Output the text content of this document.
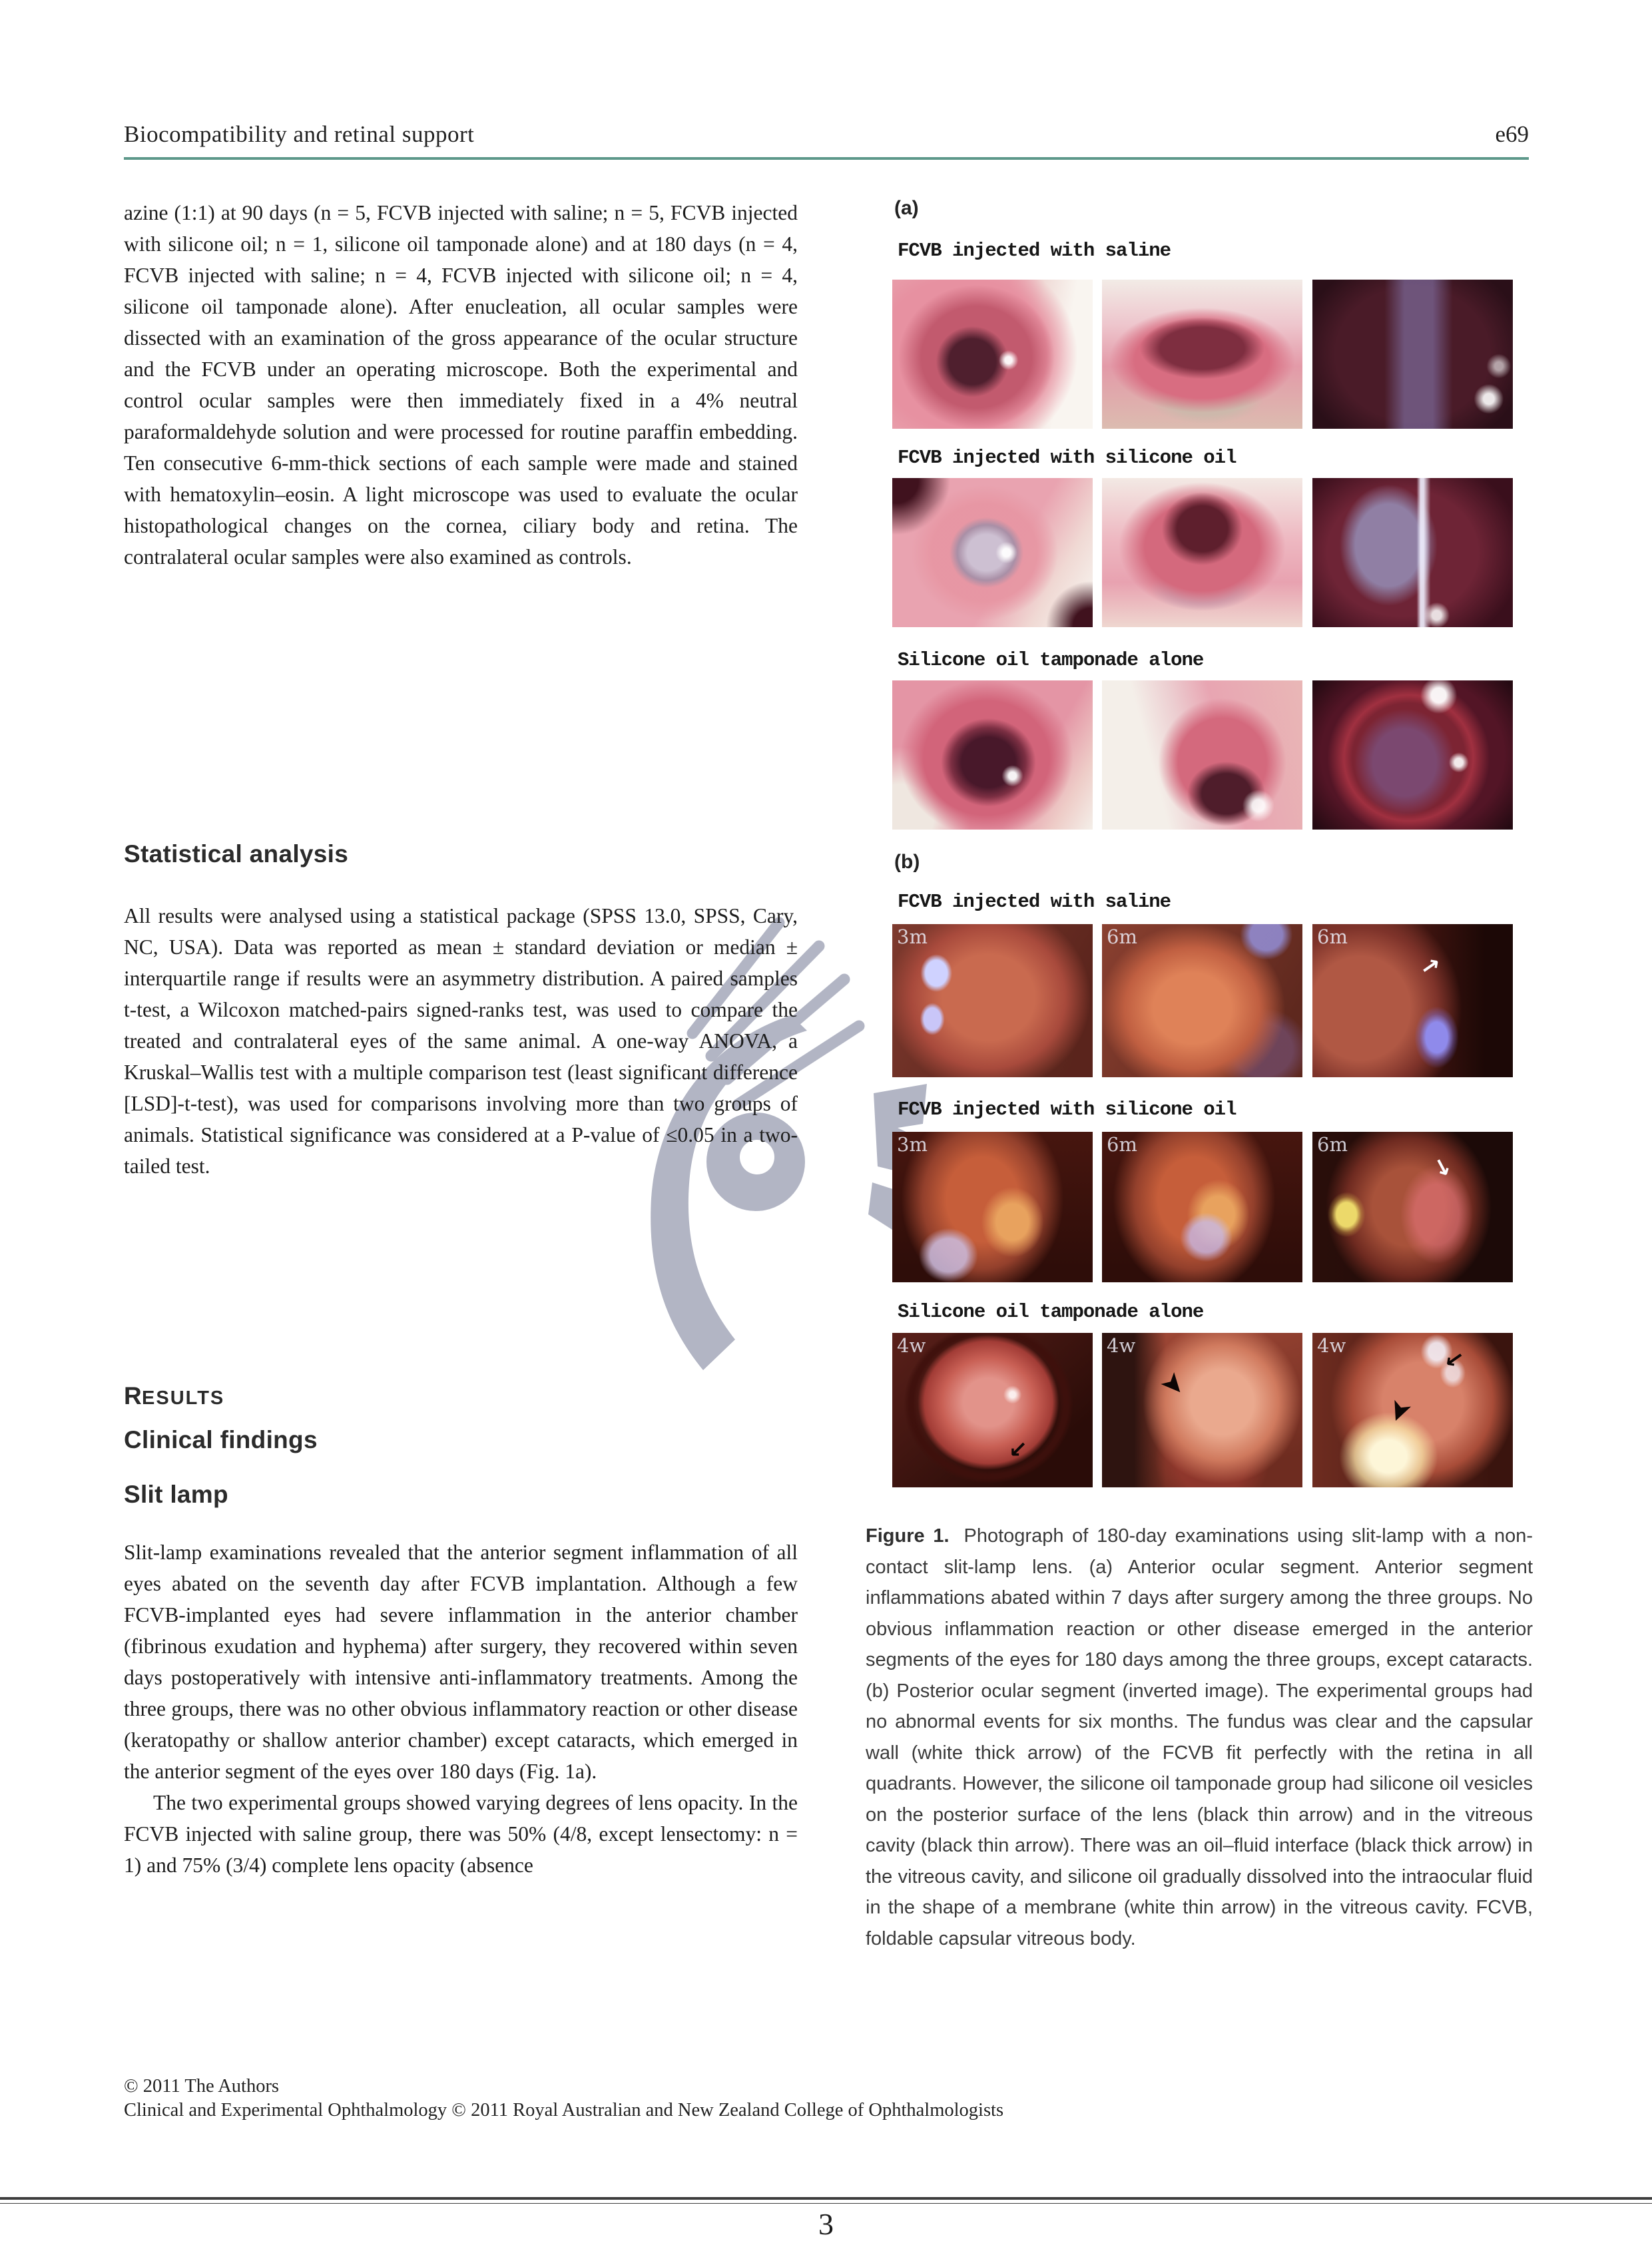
Biocompatibility and retinal support	e69
azine (1:1) at 90 days (n = 5, FCVB injected with saline; n = 5, FCVB injected with silicone oil; n = 1, silicone oil tamponade alone) and at 180 days (n = 4, FCVB injected with saline; n = 4, FCVB injected with silicone oil; n = 4, silicone oil tamponade alone). After enucleation, all ocular samples were dissected with an examination of the gross appearance of the ocular structure and the FCVB under an operating microscope. Both the experimental and control ocular samples were then immediately fixed in a 4% neutral paraformaldehyde solution and were processed for routine paraffin embedding. Ten consecutive 6-mm-thick sections of each sample were made and stained with hematoxylin–eosin. A light microscope was used to evaluate the ocular histopathological changes on the cornea, ciliary body and retina. The contralateral ocular samples were also examined as controls.
Statistical analysis
All results were analysed using a statistical package (SPSS 13.0, SPSS, Cary, NC, USA). Data was reported as mean ± standard deviation or median ± interquartile range if results were an asymmetry distribution. A paired samples t-test, a Wilcoxon matched-pairs signed-ranks test, was used to compare the treated and contralateral eyes of the same animal. A one-way ANOVA, a Kruskal–Wallis test with a multiple comparison test (least significant difference [LSD]-t-test), was used for comparisons involving more than two groups of animals. Statistical significance was considered at a P-value of ≤0.05 in a two-tailed test.
RESULTS
Clinical findings
Slit lamp
Slit-lamp examinations revealed that the anterior segment inflammation of all eyes abated on the seventh day after FCVB implantation. Although a few FCVB-implanted eyes had severe inflammation in the anterior chamber (fibrinous exudation and hyphema) after surgery, they recovered within seven days postoperatively with intensive anti-inflammatory treatments. Among the three groups, there was no other obvious inflammatory reaction or other disease (keratopathy or shallow anterior chamber) except cataracts, which emerged in the anterior segment of the eyes over 180 days (Fig. 1a).
The two experimental groups showed varying degrees of lens opacity. In the FCVB injected with saline group, there was 50% (4/8, except lensectomy: n = 1) and 75% (3/4) complete lens opacity (absence
(a)
FCVB injected with saline
FCVB injected with silicone oil
Silicone oil tamponade alone
(b)
FCVB injected with saline
FCVB injected with silicone oil
Silicone oil tamponade alone
3m	6m	6m
→
3m	6m	6m
→
4w
→
4w
➤
4w	→
➤
Figure 1. Photograph of 180-day examinations using slit-lamp with a non-contact slit-lamp lens. (a) Anterior ocular segment. Anterior segment inflammations abated within 7 days after surgery among the three groups. No obvious inflammation reaction or other disease emerged in the anterior segments of the eyes for 180 days among the three groups, except cataracts. (b) Posterior ocular segment (inverted image). The experimental groups had no abnormal events for six months. The fundus was clear and the capsular wall (white thick arrow) of the FCVB fit perfectly with the retina in all quadrants. However, the silicone oil tamponade group had silicone oil vesicles on the posterior surface of the lens (black thin arrow) and in the vitreous cavity (black thin arrow). There was an oil–fluid interface (black thick arrow) in the vitreous cavity, and silicone oil gradually dissolved into the intraocular fluid in the shape of a membrane (white thin arrow) in the vitreous cavity. FCVB, foldable capsular vitreous body.
© 2011 The Authors
Clinical and Experimental Ophthalmology © 2011 Royal Australian and New Zealand College of Ophthalmologists
3
